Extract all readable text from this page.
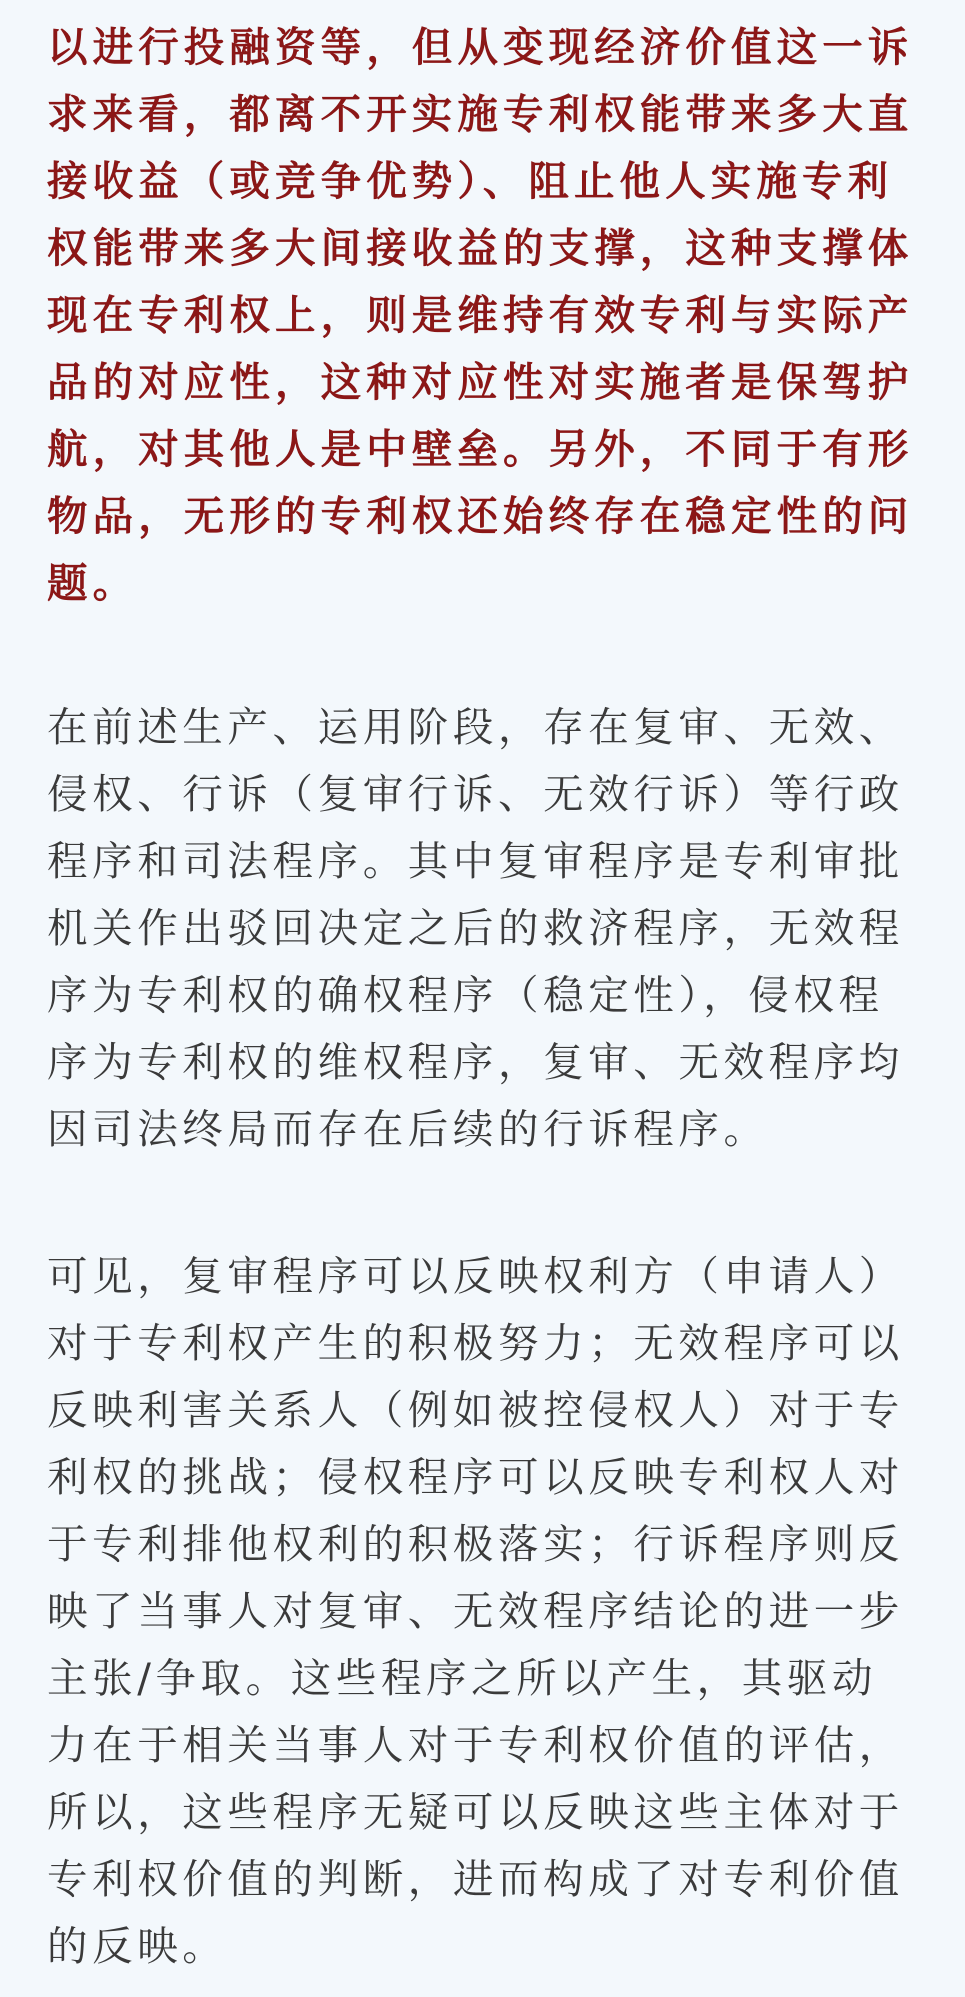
以进行投融资等，但从变现经济价值这一诉
求来看，都离不开实施专利权能带来多大直
接收益（或竞争优势）、阻止他人实施专利
权能带来多大间接收益的支撑，这种支撑体
现在专利权上，则是维持有效专利与实际产
品的对应性，这种对应性对实施者是保驾护
航，对其他人是中壁垒。另外，不同于有形
物品，无形的专利权还始终存在稳定性的问
题。
在前述生产、运用阶段，存在复审、无效、
侵权、行诉（复审行诉、无效行诉）等行政
程序和司法程序。其中复审程序是专利审批
机关作出驳回决定之后的救济程序，无效程
序为专利权的确权程序（稳定性），侵权程
序为专利权的维权程序，复审、无效程序均
因司法终局而存在后续的行诉程序。
可见，复审程序可以反映权利方（申请人）
对于专利权产生的积极努力；无效程序可以
反映利害关系人（例如被控侵权人）对于专
利权的挑战；侵权程序可以反映专利权人对
于专利排他权利的积极落实；行诉程序则反
映了当事人对复审、无效程序结论的进一步
主张/争取。这些程序之所以产生，其驱动
力在于相关当事人对于专利权价值的评估，
所以，这些程序无疑可以反映这些主体对于
专利权价值的判断，进而构成了对专利价值
的反映。
